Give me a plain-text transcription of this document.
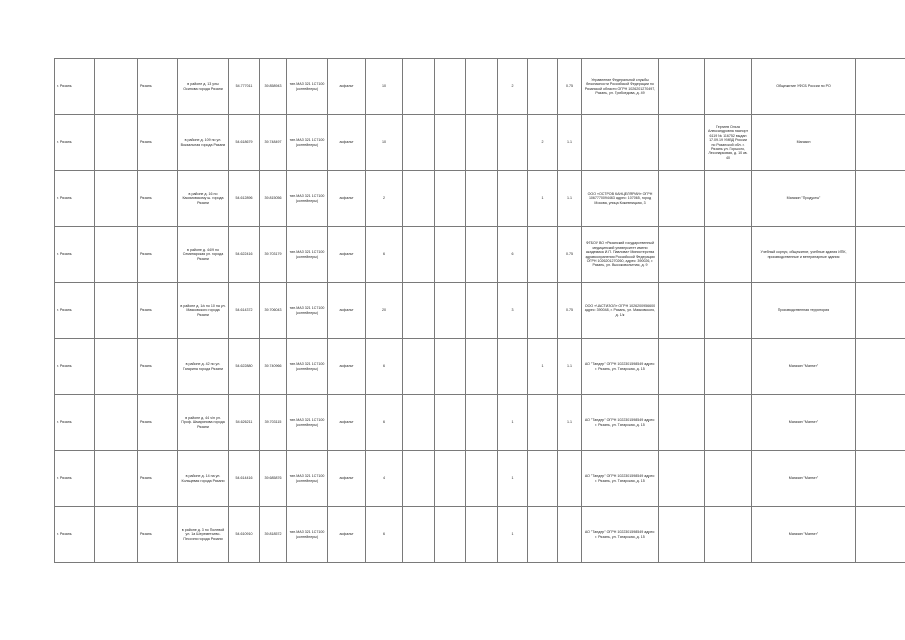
г. Рязань		Рязань	в районе д. 13 улы Осипова города Рязани	54.777011	39.858943	тип.МАЗ 321 1С7100 (контейнеры)	асфальт	10				2		0.75	Управление Федеральной службы безопасности Российской Федерации по Рязанской области ОГРН 1026201270497, Рязань, ул. Грибоедова, д. 49			Общежитие УФСБ России по РО	
г. Рязань		Рязань	в районе д. 109 по ул. Вокзальная города Рязани	54.618679	39.748497	тип.МАЗ 321 1С7100 (контейнеры)	асфальт	10					2	1.1			Гергиев Ольга Александровна паспорт 6119 № 116752 выдан 17.09.19 УМВД России по Рязанской обл. г. Рязань ул. Горького, Лесопарковая, д. 10 кв. 40	Магазин	
г. Рязань		Рязань	в районе д. 16 по Касимовскому ш. города Рязани	54.612896	39.815056	тип.МАЗ 321 1С7100 (контейнеры)	асфальт	2					1	1.1	ООО «ОСТРОВ КАНЦЕЛЯРИИ» ОГРН 1067770094463 адрес: 107065, город Москва, улица Кожевницкая, 3			Магазин "Продукты"	
г. Рязань		Рязань	в районе д. 44/9 по Семинарская ул. города Рязани	54.622416	39.703179	тип.МАЗ 321 1С7100 (контейнеры)	асфальт	6				6		0.75	ФГБОУ ВО «Рязанский государственный медицинский университет имени академика И.П. Павлова» Министерства здравоохранения Российской Федерации ОГРН 1026201270260, адрес: 390026, г. Рязань, ул. Высоковольтная, д. 9			Учебный корпус, общежитие, учебные здания ИПК, производственные и ветеринарные здания	
г. Рязань		Рязань	в районе д. 1/к по 10 на ул. Маяковского города Рязани	54.614372	39.706043	тип.МАЗ 321 1С7100 (контейнеры)	асфальт	20				3		0.75	ООО «ЧАСТИЗОЛ» ОГРН 1026200956600 адрес: 390048, г. Рязань, ул. Маяковского, д. 1/к			Производственная территория	
г. Рязань		Рязань	в районе д. 42 по ул. Гагарина города Рязани	54.622880	39.740966	тип.МАЗ 321 1С7100 (контейнеры)	асфальт	6					1	1.1	АО "Тандер" ОГРН 1022301598549 адрес: г. Рязань, ул. Татарская, д. 15			Магазин "Магнит"	
г. Рязань		Рязань	в районе д. 44 ч/п ул. Проф. Шмаринова города Рязани	54.626211	39.703115	тип.МАЗ 321 1С7100 (контейнеры)	асфальт	6				1		1.1	АО "Тандер" ОГРН 1022301598549 адрес: г. Рязань, ул. Татарская, д. 15			Магазин "Магнит"	
г. Рязань		Рязань	в районе д. 14 на ул. Кольцевая города Рязани	54.614416	39.685876	тип.МАЗ 321 1С7100 (контейнеры)	асфальт	4				1			АО "Тандер" ОГРН 1022301598549 адрес: г. Рязань, ул. Татарская, д. 15			Магазин "Магнит"	
г. Рязань		Рязань	в районе д. 3 по Полевой ул. 1а Шереметьево-Песочня города Рязани	54.610910	39.818572	тип.МАЗ 321 1С7100 (контейнеры)	асфальт	6				1			АО "Тандер" ОГРН 1022301598549 адрес: г. Рязань, ул. Татарская, д. 15			Магазин "Магнит"	
